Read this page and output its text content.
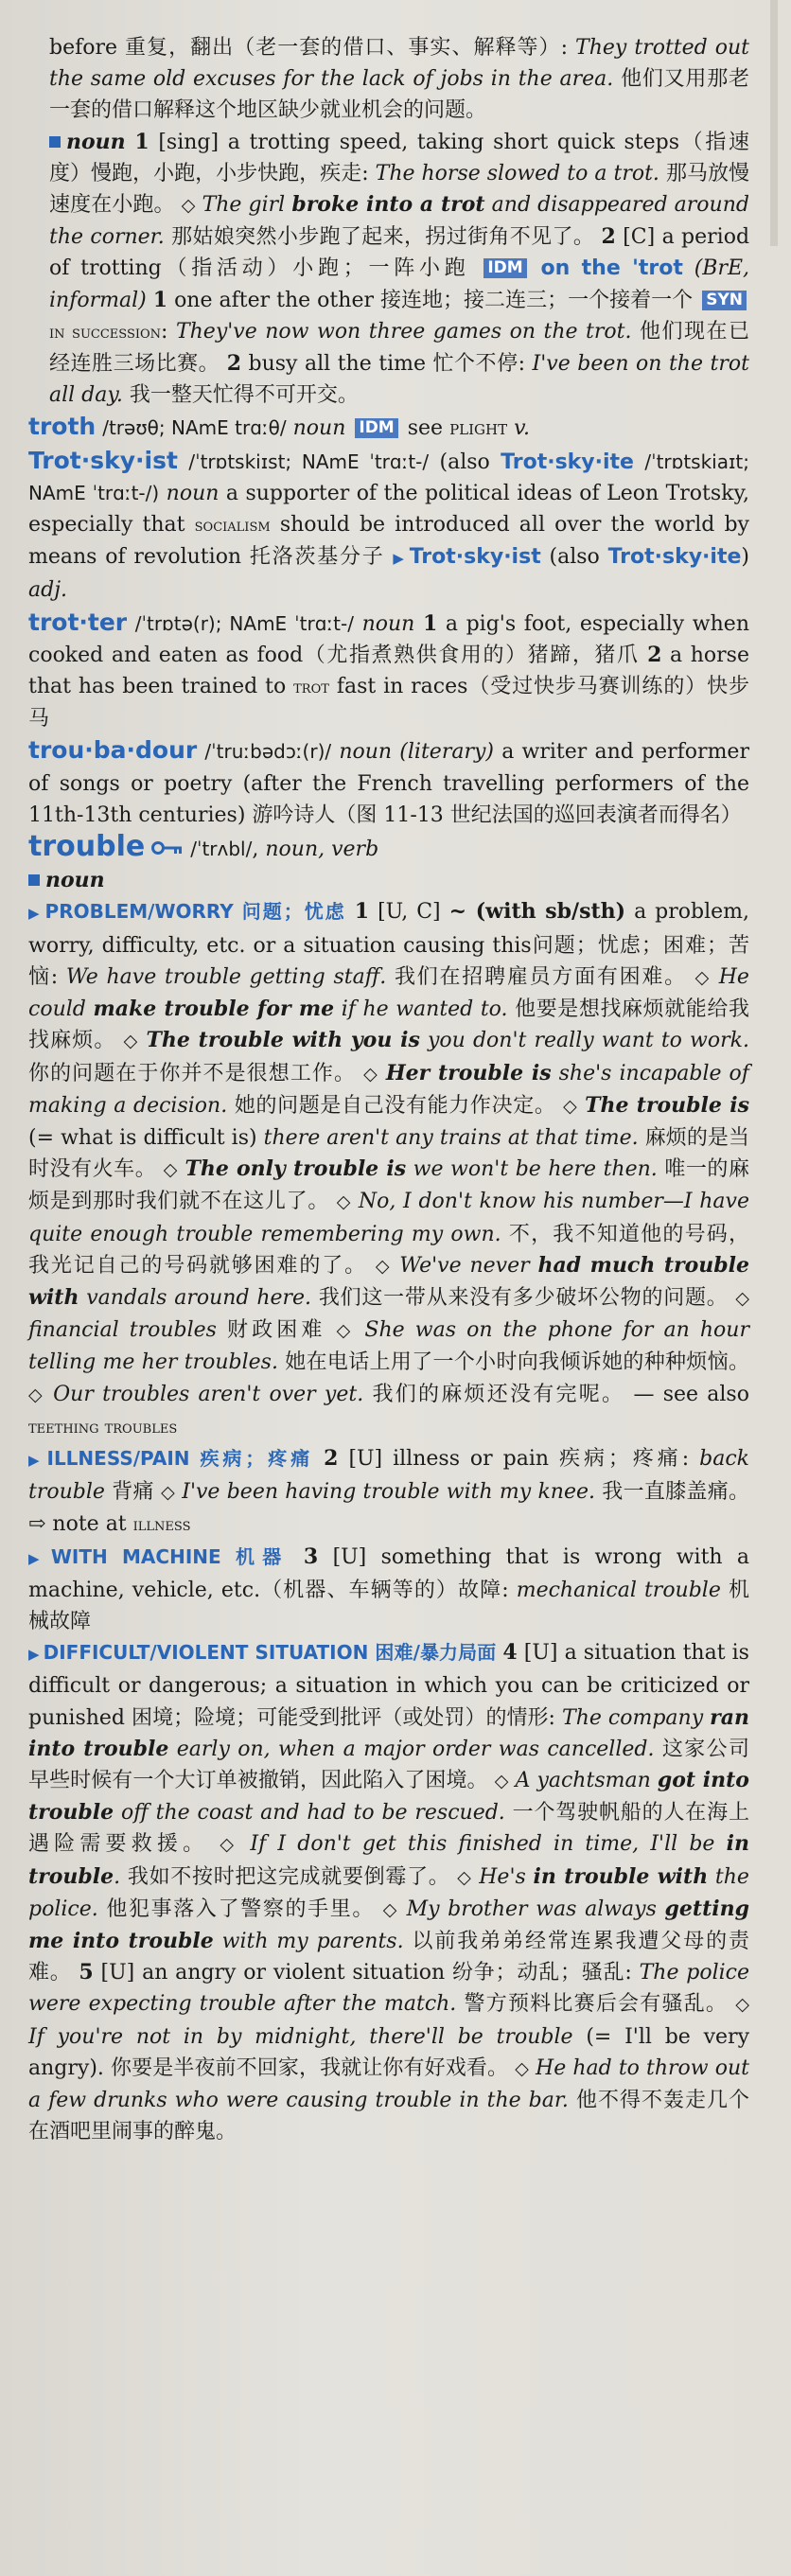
before 重复，翻出（老一套的借口、事实、解释等）: They trotted out the same old excuses for the lack of jobs in the area. 他们又用那老一套的借口解释这个地区缺少就业机会的问题。

noun 1 [sing] a trotting speed, taking short quick steps（指速度）慢跑，小跑，小步快跑，疾走: The horse slowed to a trot. 那马放慢速度在小跑。 ◇ The girl broke into a trot and disappeared around the corner. 那姑娘突然小步跑了起来，拐过街角不见了。 2 [C] a period of trotting（指活动）小跑；一阵小跑 IDM on the 'trot (BrE, informal) 1 one after the other 接连地；接二连三；一个接着一个 SYN in succession: They've now won three games on the trot. 他们现在已经连胜三场比赛。 2 busy all the time 忙个不停: I've been on the trot all day. 我一整天忙得不可开交。

troth /trəʊθ; NAmE trɑːθ/ noun IDM see plight v.

Trot·sky·ist /ˈtrɒtskiɪst; NAmE ˈtrɑːt-/ (also Trot·sky·ite /ˈtrɒtskiaɪt; NAmE ˈtrɑːt-/) noun a supporter of the political ideas of Leon Trotsky, especially that socialism should be introduced all over the world by means of revolution 托洛茨基分子 ▶ Trot·sky·ist (also Trot·sky·ite) adj.

trot·ter /ˈtrɒtə(r); NAmE ˈtrɑːt-/ noun 1 a pig's foot, especially when cooked and eaten as food（尤指煮熟供食用的）猪蹄，猪爪 2 a horse that has been trained to trot fast in races（受过快步马赛训练的）快步马

trou·ba·dour /ˈtruːbədɔː(r)/ noun (literary) a writer and performer of songs or poetry (after the French travelling performers of the 11th-13th centuries) 游吟诗人（图 11-13 世纪法国的巡回表演者而得名）

trouble /ˈtrʌbl/, noun, verb

noun

▶ PROBLEM/WORRY 问题；忧虑 1 [U, C] ~ (with sb/sth) a problem, worry, difficulty, etc. or a situation causing this问题；忧虑；困难；苦恼: We have trouble getting staff. 我们在招聘雇员方面有困难。 ◇ He could make trouble for me if he wanted to. 他要是想找麻烦就能给我找麻烦。 ◇ The trouble with you is you don't really want to work. 你的问题在于你并不是很想工作。 ◇ Her trouble is she's incapable of making a decision. 她的问题是自己没有能力作决定。 ◇ The trouble is (= what is difficult is) there aren't any trains at that time. 麻烦的是当时没有火车。 ◇ The only trouble is we won't be here then. 唯一的麻烦是到那时我们就不在这儿了。 ◇ No, I don't know his number—I have quite enough trouble remembering my own. 不，我不知道他的号码，我光记自己的号码就够困难的了。 ◇ We've never had much trouble with vandals around here. 我们这一带从来没有多少破坏公物的问题。 ◇ financial troubles 财政困难 ◇ She was on the phone for an hour telling me her troubles. 她在电话上用了一个小时向我倾诉她的种种烦恼。 ◇ Our troubles aren't over yet. 我们的麻烦还没有完呢。 — see also teething troubles

▶ ILLNESS/PAIN 疾病；疼痛 2 [U] illness or pain 疾病；疼痛: back trouble 背痛 ◇ I've been having trouble with my knee. 我一直膝盖痛。 ⇨ note at illness

▶ WITH MACHINE 机器 3 [U] something that is wrong with a machine, vehicle, etc.（机器、车辆等的）故障: mechanical trouble 机械故障

▶ DIFFICULT/VIOLENT SITUATION 困难/暴力局面 4 [U] a situation that is difficult or dangerous; a situation in which you can be criticized or punished 困境；险境；可能受到批评（或处罚）的情形: The company ran into trouble early on, when a major order was cancelled. 这家公司早些时候有一个大订单被撤销，因此陷入了困境。 ◇ A yachtsman got into trouble off the coast and had to be rescued. 一个驾驶帆船的人在海上遇险需要救援。 ◇ If I don't get this finished in time, I'll be in trouble. 我如不按时把这完成就要倒霉了。 ◇ He's in trouble with the police. 他犯事落入了警察的手里。 ◇ My brother was always getting me into trouble with my parents. 以前我弟弟经常连累我遭父母的责难。 5 [U] an angry or violent situation 纷争；动乱；骚乱: The police were expecting trouble after the match. 警方预料比赛后会有骚乱。 ◇ If you're not in by midnight, there'll be trouble (= I'll be very angry). 你要是半夜前不回家，我就让你有好戏看。 ◇ He had to throw out a few drunks who were causing trouble in the bar. 他不得不轰走几个在酒吧里闹事的醉鬼。
